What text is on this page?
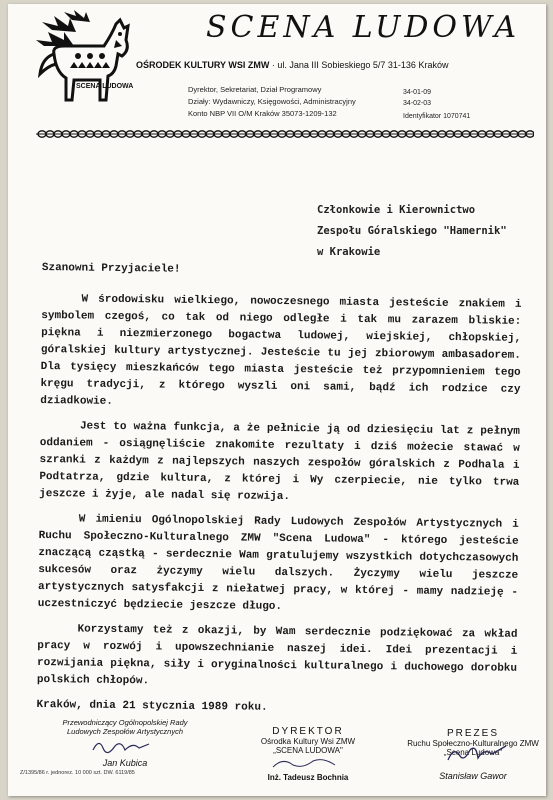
SCENA LUDOWA
SCENA LUDOWA
OŚRODEK KULTURY WSI ZMW · ul. Jana III Sobieskiego 5/7 31-136 Kraków
Dyrektor, Sekretariat, Dział Programowy
Działy: Wydawniczy, Księgowości, Administracyjny
Konto NBP VII O/M Kraków 35073-1209-132
34-01-09
34-02-03
Identyfikator 1070741
Członkowie i Kierownictwo
Zespołu Góralskiego "Hamernik"
w Krakowie

Szanowni Przyjaciele!

W środowisku wielkiego, nowoczesnego miasta jesteście znakiem i symbolem czegoś, co tak od niego odległe i tak mu zarazem bliskie: piękna i niezmierzonego bogactwa ludowej, wiejskiej, chłopskiej, góralskiej kultury artystycznej. Jesteście tu jej zbiorowym ambasadorem. Dla tysięcy mieszkańców tego miasta jesteście też przypomnieniem tego kręgu tradycji, z którego wyszli oni sami, bądź ich rodzice czy dziadkowie.

Jest to ważna funkcja, a że pełnicie ją od dziesięciu lat z pełnym oddaniem - osiągnęliście znakomite rezultaty i dziś możecie stawać w szranki z każdym z najlepszych naszych zespołów góralskich z Podhala i Podtatrza, gdzie kultura, z której i Wy czerpiecie, nie tylko trwa jeszcze i żyje, ale nadal się rozwija.

W imieniu Ogólnopolskiej Rady Ludowych Zespołów Artystycznych i Ruchu Społeczno-Kulturalnego ZMW "Scena Ludowa" - którego jesteście znaczącą cząstką - serdecznie Wam gratulujemy wszystkich dotychczasowych sukcesów oraz życzymy wielu dalszych. Życzymy wielu jeszcze artystycznych satysfakcji z niełatwej pracy, w której - mamy nadzieję - uczestniczyć będziecie jeszcze długo.

Korzystamy też z okazji, by Wam serdecznie podziękować za wkład pracy w rozwój i upowszechnianie naszej idei. Idei prezentacji i rozwijania piękna, siły i oryginalności kulturalnego i duchowego dorobku polskich chłopów.

Kraków, dnia 21 stycznia 1989 roku.

Przewodniczący Ogólnopolskiej Rady
Ludowych Zespołów Artystycznych
Jan Kubica
DYREKTOR
Ośrodka Kultury Wsi ZMW
„SCENA LUDOWA"
Inż. Tadeusz Bochnia
PREZES
Ruchu Społeczno-Kulturalnego ZMW
„Scena Ludowa"
Stanisław Gawor
Z/1395/86 r. jednorez. 10 000 szt. DW. 6119/85
